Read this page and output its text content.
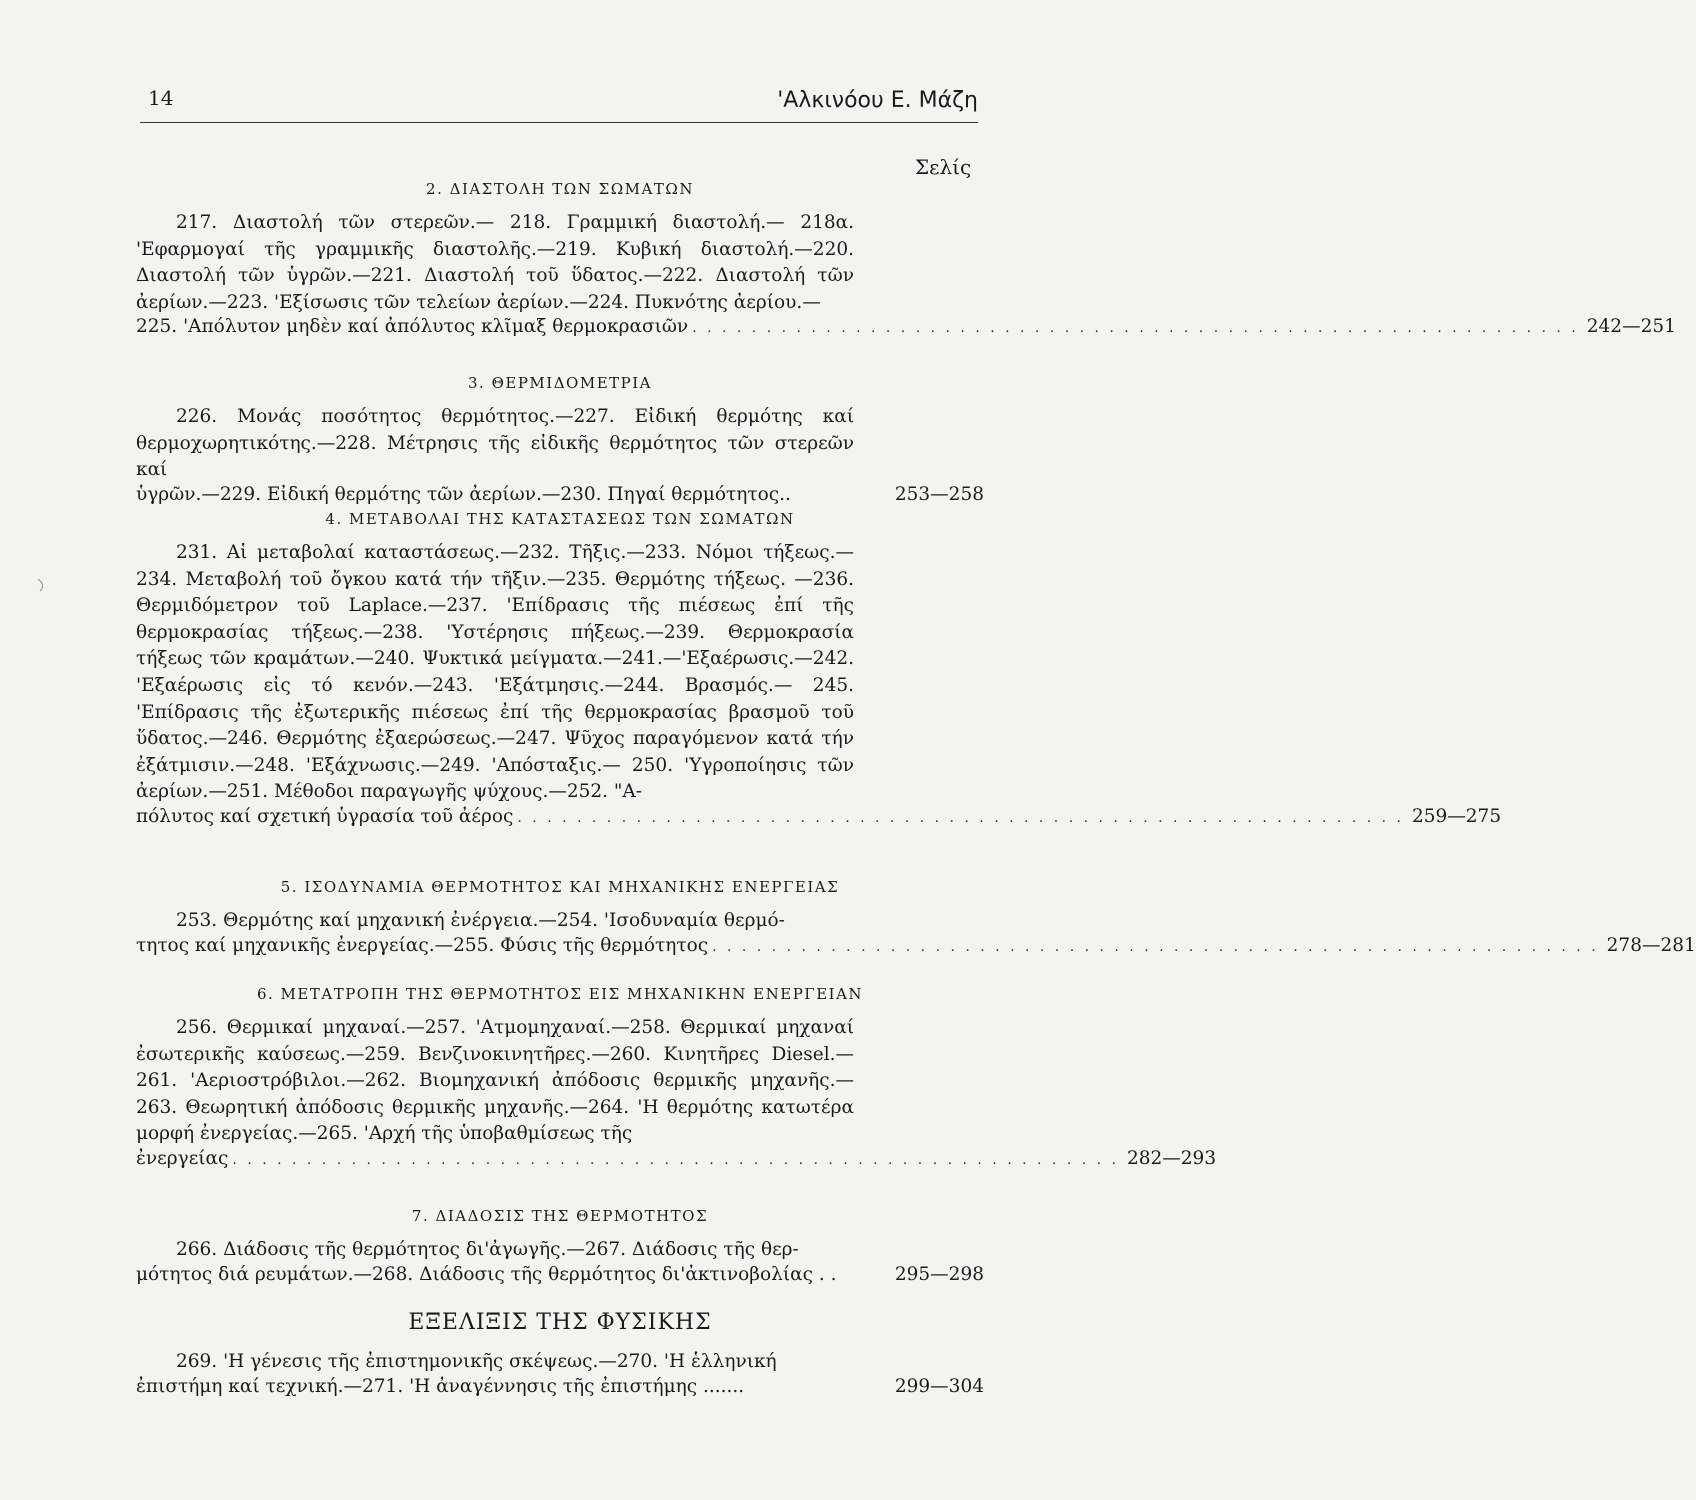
14	'Αλκινόου Ε. Μάζη
Σελίς
2. ΔΙΑΣΤΟΛΗ ΤΩΝ ΣΩΜΑΤΩΝ

217. Διαστολή τῶν στερεῶν.— 218. Γραμμική διαστολή.— 218α. 'Εφαρμογαί τῆς γραμμικῆς διαστολῆς.—219. Κυβική διαστολή.—220. Διαστολή τῶν ὑγρῶν.—221. Διαστολή τοῦ ὕδατος.—222. Διαστολή τῶν ἀερίων.—223. 'Εξίσωσις τῶν τελείων ἀερίων.—224. Πυκνότης ἀερίου.—

225. 'Απόλυτον μηδὲν καί ἀπόλυτος κλῖμαξ θερμοκρασιῶν . . . . . . . . . . . . . . . . . . . . . . . . . . . . . . . . . . . . . . . . . . . . . . . . . . . . . . . . . . . . 242—251
3. ΘΕΡΜΙΔΟΜΕΤΡΙΑ

226. Μονάς ποσότητος θερμότητος.—227. Εἰδική θερμότης καί θερμοχωρητικότης.—228. Μέτρησις τῆς εἰδικῆς θερμότητος τῶν στερεῶν καί

ὑγρῶν.—229. Εἰδική θερμότης τῶν ἀερίων.—230. Πηγαί θερμότητος..	253—258
4. ΜΕΤΑΒΟΛΑΙ ΤΗΣ ΚΑΤΑΣΤΑΣΕΩΣ ΤΩΝ ΣΩΜΑΤΩΝ

231. Αἱ μεταβολαί καταστάσεως.—232. Τῆξις.—233. Νόμοι τήξεως.—234. Μεταβολή τοῦ ὄγκου κατά τήν τῆξιν.—235. Θερμότης τήξεως. —236. Θερμιδόμετρον τοῦ Laplace.—237. 'Επίδρασις τῆς πιέσεως ἐπί τῆς θερμοκρασίας τήξεως.—238. 'Υστέρησις πήξεως.—239. Θερμοκρασία τήξεως τῶν κραμάτων.—240. Ψυκτικά μείγματα.—241.—'Εξαέρωσις.—242. 'Εξαέρωσις εἰς τό κενόν.—243. 'Εξάτμησις.—244. Βρασμός.— 245. 'Επίδρασις τῆς ἐξωτερικῆς πιέσεως ἐπί τῆς θερμοκρασίας βρασμοῦ τοῦ ὕδατος.—246. Θερμότης ἐξαερώσεως.—247. Ψῦχος παραγόμενον κατά τήν ἐξάτμισιν.—248. 'Εξάχνωσις.—249. 'Απόσταξις.— 250. 'Υγροποίησις τῶν ἀερίων.—251. Μέθοδοι παραγωγῆς ψύχους.—252. "Α-

πόλυτος καί σχετική ὑγρασία τοῦ ἀέρος . . . . . . . . . . . . . . . . . . . . . . . . . . . . . . . . . . . . . . . . . . . . . . . . . . . . . . . . . . . . 259—275
5. ΙΣΟΔΥΝΑΜΙΑ ΘΕΡΜΟΤΗΤΟΣ ΚΑΙ ΜΗΧΑΝΙΚΗΣ ΕΝΕΡΓΕΙΑΣ

253. Θερμότης καί μηχανική ἐνέργεια.—254. 'Ισοδυναμία θερμό-

τητος καί μηχανικῆς ἐνεργείας.—255. Φύσις τῆς θερμότητος . . . . . . . . . . . . . . . . . . . . . . . . . . . . . . . . . . . . . . . . . . . . . . . . . . . . . . . . . . . . 278—281
6. ΜΕΤΑΤΡΟΠΗ ΤΗΣ ΘΕΡΜΟΤΗΤΟΣ ΕΙΣ ΜΗΧΑΝΙΚΗΝ ΕΝΕΡΓΕΙΑΝ

256. Θερμικαί μηχαναί.—257. 'Ατμομηχαναί.—258. Θερμικαί μηχαναί ἐσωτερικῆς καύσεως.—259. Βενζινοκινητῆρες.—260. Κινητῆρες Diesel.—261. 'Αεριοστρόβιλοι.—262. Βιομηχανική ἀπόδοσις θερμικῆς μηχανῆς.—263. Θεωρητική ἀπόδοσις θερμικῆς μηχανῆς.—264. 'Η θερμότης κατωτέρα μορφή ἐνεργείας.—265. 'Αρχή τῆς ὑποβαθμίσεως τῆς

ἐνεργείας . . . . . . . . . . . . . . . . . . . . . . . . . . . . . . . . . . . . . . . . . . . . . . . . . . . . . . . . . . . . 282—293
7. ΔΙΑΔΟΣΙΣ ΤΗΣ ΘΕΡΜΟΤΗΤΟΣ

266. Διάδοσις τῆς θερμότητος δι'ἀγωγῆς.—267. Διάδοσις τῆς θερ-

μότητος διά ρευμάτων.—268. Διάδοσις τῆς θερμότητος δι'ἀκτινοβολίας . .	295—298
ΕΞΕΛΙΞΙΣ ΤΗΣ ΦΥΣΙΚΗΣ

269. 'Η γένεσις τῆς ἐπιστημονικῆς σκέψεως.—270. 'Η ἑλληνική

ἐπιστήμη καί τεχνική.—271. 'Η ἀναγέννησις τῆς ἐπιστήμης .......	299—304
